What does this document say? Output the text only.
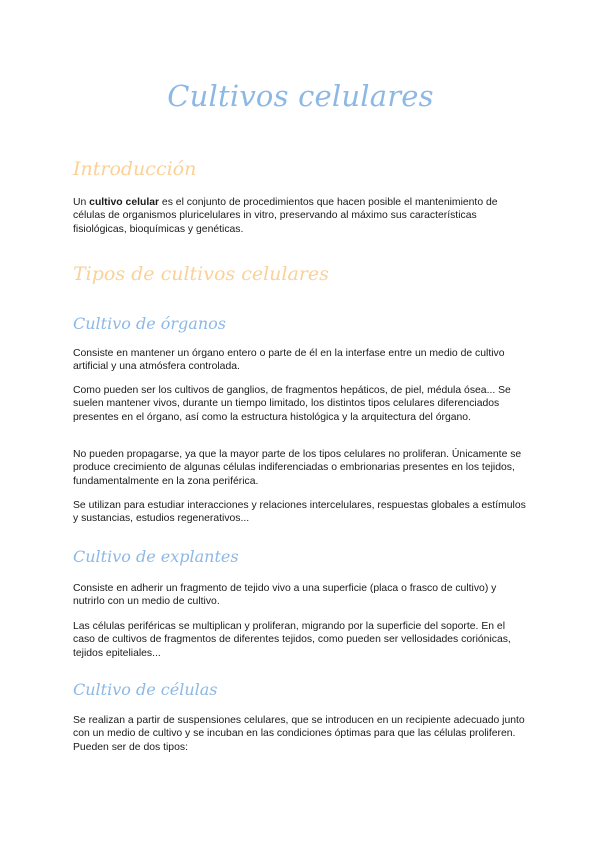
Cultivos celulares
Introducción

Un cultivo celular es el conjunto de procedimientos que hacen posible el mantenimiento de células de organismos pluricelulares in vitro, preservando al máximo sus características fisiológicas, bioquímicas y genéticas.

Tipos de cultivos celulares
Cultivo de órganos

Consiste en mantener un órgano entero o parte de él en la interfase entre un medio de cultivo artificial y una atmósfera controlada.

Como pueden ser los cultivos de ganglios, de fragmentos hepáticos, de piel, médula ósea... Se suelen mantener vivos, durante un tiempo limitado, los distintos tipos celulares diferenciados presentes en el órgano, así como la estructura histológica y la arquitectura del órgano.

No pueden propagarse, ya que la mayor parte de los tipos celulares no proliferan. Únicamente se produce crecimiento de algunas células indiferenciadas o embrionarias presentes en los tejidos, fundamentalmente en la zona periférica.

Se utilizan para estudiar interacciones y relaciones intercelulares, respuestas globales a estímulos y sustancias, estudios regenerativos...

Cultivo de explantes

Consiste en adherir un fragmento de tejido vivo a una superficie (placa o frasco de cultivo) y nutrirlo con un medio de cultivo.

Las células periféricas se multiplican y proliferan, migrando por la superficie del soporte. En el caso de cultivos de fragmentos de diferentes tejidos, como pueden ser vellosidades coriónicas, tejidos epiteliales...

Cultivo de células

Se realizan a partir de suspensiones celulares, que se introducen en un recipiente adecuado junto con un medio de cultivo y se incuban en las condiciones óptimas para que las células proliferen. Pueden ser de dos tipos:
